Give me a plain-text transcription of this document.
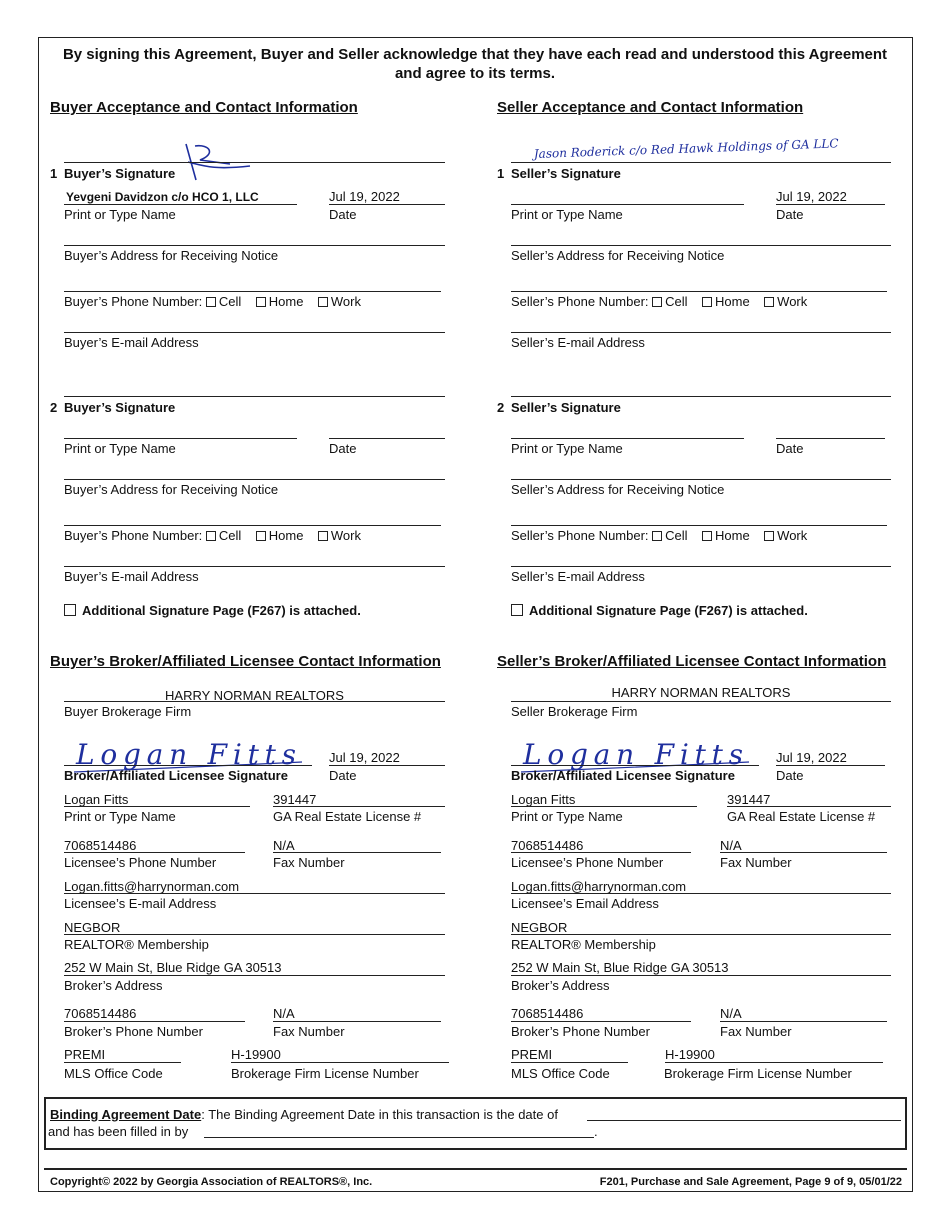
By signing this Agreement, Buyer and Seller acknowledge that they have each read and understood this Agreement and agree to its terms.
Buyer Acceptance and Contact Information
1 Buyer’s Signature
Yevgeni Davidzon c/o HCO 1, LLC	Jul 19, 2022
Print or Type Name	Date
Buyer’s Address for Receiving Notice
Buyer’s Phone Number: Cell Home Work
Buyer’s E-mail Address
2 Buyer’s Signature
Print or Type Name	Date
Buyer’s Address for Receiving Notice
Buyer’s Phone Number: Cell Home Work
Buyer’s E-mail Address
Additional Signature Page (F267) is attached.
Seller Acceptance and Contact Information
Jason Roderick c/o Red Hawk Holdings of GA LLC
1 Seller’s Signature
Jul 19, 2022
Print or Type Name	Date
Seller’s Address for Receiving Notice
Seller’s Phone Number: Cell Home Work
Seller’s E-mail Address
2 Seller’s Signature
Print or Type Name	Date
Seller’s Address for Receiving Notice
Seller’s Phone Number: Cell Home Work
Seller’s E-mail Address
Additional Signature Page (F267) is attached.
Buyer’s Broker/Affiliated Licensee Contact Information
HARRY NORMAN REALTORS
Buyer Brokerage Firm
Logan Fitts	Jul 19, 2022
Broker/Affiliated Licensee Signature	Date
Logan Fitts	391447
Print or Type Name	GA Real Estate License #
7068514486	N/A
Licensee’s Phone Number	Fax Number
Logan.fitts@harrynorman.com
Licensee’s E-mail Address
NEGBOR
REALTOR® Membership
252 W Main St, Blue Ridge GA 30513
Broker’s Address
7068514486	N/A
Broker’s Phone Number	Fax Number
PREMI	H-19900
MLS Office Code	Brokerage Firm License Number
Seller’s Broker/Affiliated Licensee Contact Information
HARRY NORMAN REALTORS
Seller Brokerage Firm
Logan Fitts	Jul 19, 2022
Broker/Affiliated Licensee Signature	Date
Logan Fitts	391447
Print or Type Name	GA Real Estate License #
7068514486	N/A
Licensee’s Phone Number	Fax Number
Logan.fitts@harrynorman.com
Licensee’s Email Address
NEGBOR
REALTOR® Membership
252 W Main St, Blue Ridge GA 30513
Broker’s Address
7068514486	N/A
Broker’s Phone Number	Fax Number
PREMI	H-19900
MLS Office Code	Brokerage Firm License Number
Binding Agreement Date: The Binding Agreement Date in this transaction is the date of
and has been filled in by	.
Copyright© 2022 by Georgia Association of REALTORS®, Inc.	F201, Purchase and Sale Agreement, Page 9 of 9, 05/01/22
